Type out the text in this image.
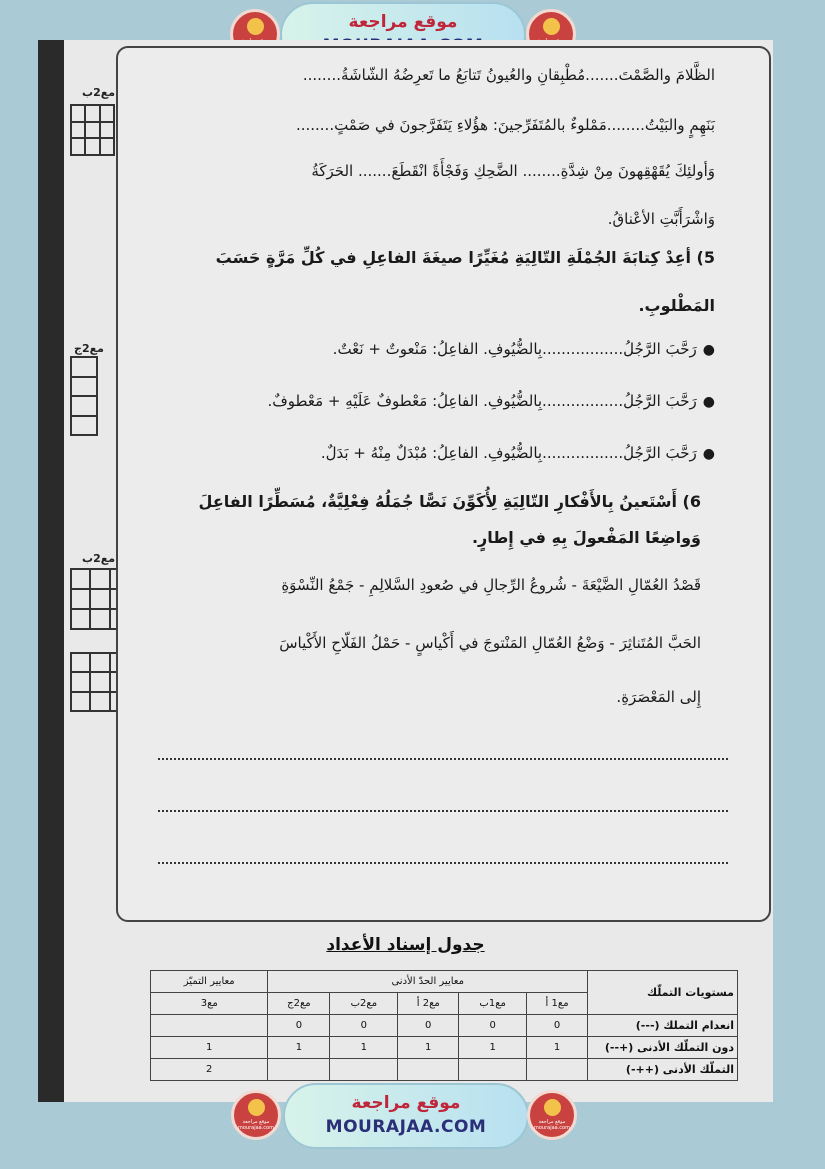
موقع مراجعة
مع2ب
مع2ج
مع2ب
الظَّلامَ والصَّمْتَ.......مُطْبِقانِ والعُيونُ تَتابَعُ ما تَعرِضُهُ الشّاشَةُ........
بَنَهِمٍ والبَيْتُ........مَمْلوءٌ بالمُتَفَرِّجينَ: هؤُلاءِ يَتَفَرَّجونَ في صَمْتٍ........
وَأولئِكَ يُقَهْقِهونَ مِنْ شِدَّةِ........ الضَّحِكِ وَفَجْأَةً انْقَطَعَ....... الحَرَكَةُ
وَاشْرَأَبَّتِ الأعْناقُ.
5) أعِدْ كِتابَةَ الجُمْلَةِ التّالِيَةِ مُغَيِّرًا صيغَةَ الفاعِلِ في كُلِّ مَرَّةٍ حَسَبَ
المَطْلوبِ.
●رَحَّبَ الرَّجُلُ.................بِالضُّيُوفِ. الفاعِلُ: مَنْعوتٌ + نَعْتٌ.
●رَحَّبَ الرَّجُلُ.................بِالضُّيُوفِ. الفاعِلُ: مَعْطوفٌ عَلَيْهِ + مَعْطوفٌ.
●رَحَّبَ الرَّجُلُ.................بِالضُّيُوفِ. الفاعِلُ: مُبْدَلٌ مِنْهُ + بَدَلٌ.
6) أَسْتَعينُ بِالأَفْكارِ التّالِيَةِ لِأُكَوِّنَ نَصًّا جُمَلُهُ فِعْلِيَّةٌ، مُسَطِّرًا الفاعِلَ
وَواضِعًا المَفْعولَ بِهِ في إِطارٍ.
قَصْدُ العُمّالِ الضَّيْعَةَ - شُروعُ الرِّجالِ في صُعودِ السَّلالِمِ - جَمْعُ النِّسْوَةِ
الحَبَّ المُتَناثِرَ - وَضْعُ العُمّالِ المَنْتوجَ في أَكْياسٍ - حَمْلُ الفَلّاحِ الأَكْياسَ
إِلى المَعْصَرَةِ.
جدول إسناد الأعداد
مستويات التملّك	معايير الحدّ الأدنى					معايير التميّز
	مع1 أ	مع1ب	مع2 أ	مع2ب	مع2ج	مع3
انعدام التملك (---)	0	0	0	0	0	
دون التملّك الأدنى (+--)	1	1	1	1	1	1
التملّك الأدنى (++-)						2
موقع مراجعة mourajaa.com
موقع مراجعة
MOURAJAA.COM	موقع مراجعة mourajaa.com
